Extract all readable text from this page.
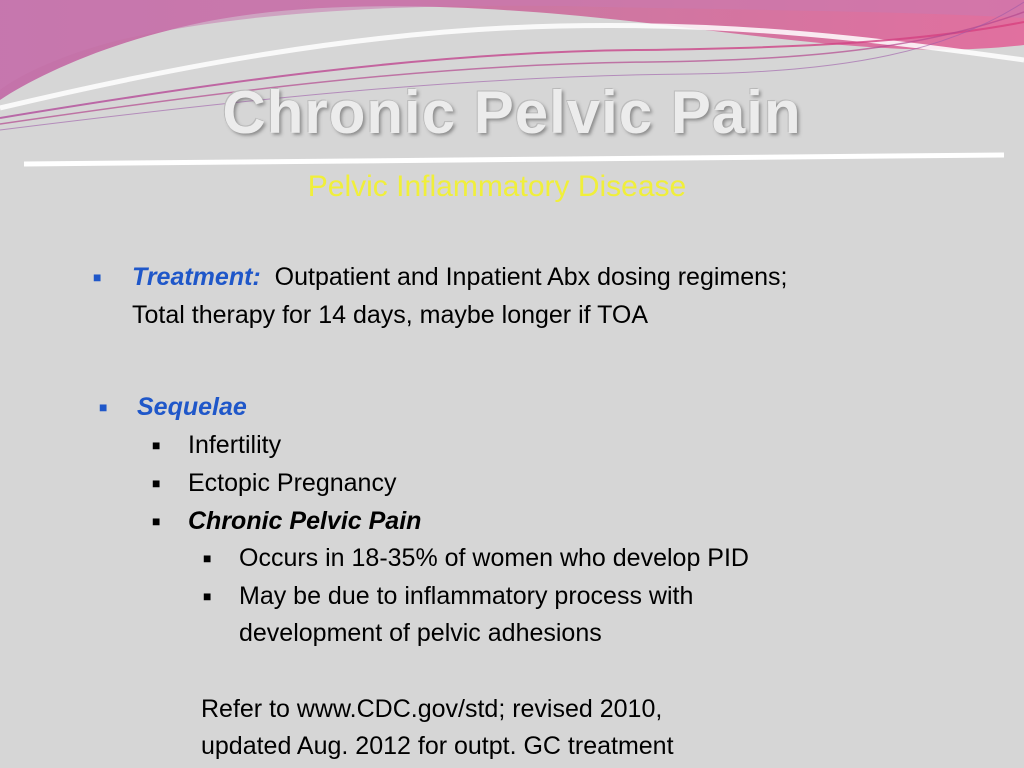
Chronic Pelvic Pain
Pelvic Inflammatory Disease
■ Treatment: Outpatient and Inpatient Abx dosing regimens;
Total therapy for 14 days, maybe longer if TOA
■ Sequelae
■ Infertility
■ Ectopic Pregnancy
■ Chronic Pelvic Pain
■ Occurs in 18-35% of women who develop PID
■ May be due to inflammatory process with
development of pelvic adhesions
Refer to www.CDC.gov/std; revised 2010,
updated Aug. 2012 for outpt. GC treatment
